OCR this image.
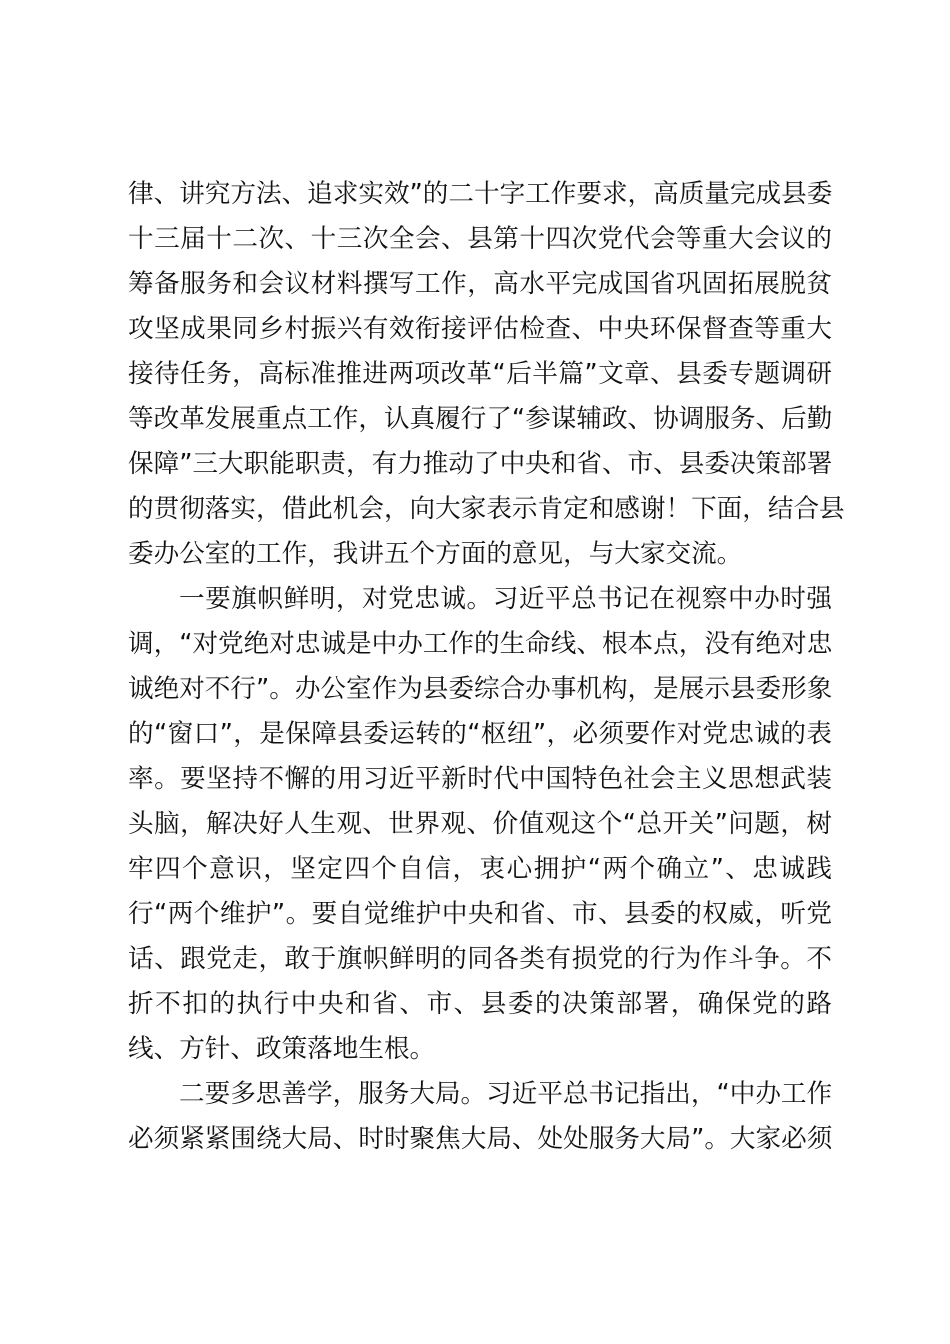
律、讲究方法、追求实效”的二十字工作要求，高质量完成县委
十三届十二次、十三次全会、县第十四次党代会等重大会议的
筹备服务和会议材料撰写工作，高水平完成国省巩固拓展脱贫
攻坚成果同乡村振兴有效衔接评估检查、中央环保督查等重大
接待任务，高标准推进两项改革“后半篇”文章、县委专题调研
等改革发展重点工作，认真履行了“参谋辅政、协调服务、后勤
保障”三大职能职责，有力推动了中央和省、市、县委决策部署
的贯彻落实，借此机会，向大家表示肯定和感谢！下面，结合县
委办公室的工作，我讲五个方面的意见，与大家交流。
一要旗帜鲜明，对党忠诚。习近平总书记在视察中办时强
调，“对党绝对忠诚是中办工作的生命线、根本点，没有绝对忠
诚绝对不行”。办公室作为县委综合办事机构，是展示县委形象
的“窗口”，是保障县委运转的“枢纽”，必须要作对党忠诚的表
率。要坚持不懈的用习近平新时代中国特色社会主义思想武装
头脑，解决好人生观、世界观、价值观这个“总开关”问题，树
牢四个意识，坚定四个自信，衷心拥护“两个确立”、忠诚践
行“两个维护”。要自觉维护中央和省、市、县委的权威，听党
话、跟党走，敢于旗帜鲜明的同各类有损党的行为作斗争。不
折不扣的执行中央和省、市、县委的决策部署，确保党的路
线、方针、政策落地生根。
二要多思善学，服务大局。习近平总书记指出，“中办工作
必须紧紧围绕大局、时时聚焦大局、处处服务大局”。大家必须
